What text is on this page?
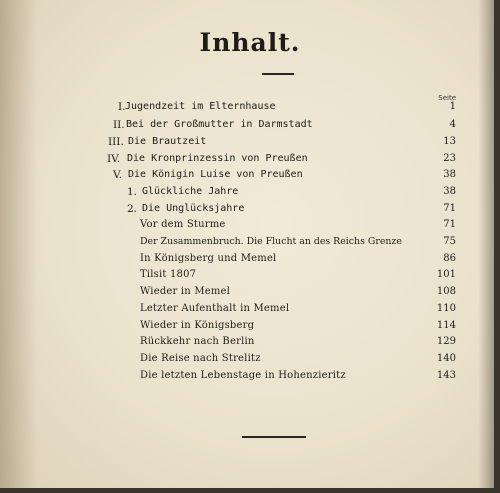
Inhalt.
Seite
I. Jugendzeit im Elternhause	1
II. Bei der Großmutter in Darmstadt	4
III. Die Brautzeit	13
IV. Die Kronprinzessin von Preußen	23
V. Die Königin Luise von Preußen	38
1. Glückliche Jahre	38
2. Die Unglücksjahre	71
Vor dem Sturme	71
Der Zusammenbruch. Die Flucht an des Reichs Grenze	75
In Königsberg und Memel	86
Tilsit 1807	101
Wieder in Memel	108
Letzter Aufenthalt in Memel	110
Wieder in Königsberg	114
Rückkehr nach Berlin	129
Die Reise nach Strelitz	140
Die letzten Lebenstage in Hohenzieritz	143
